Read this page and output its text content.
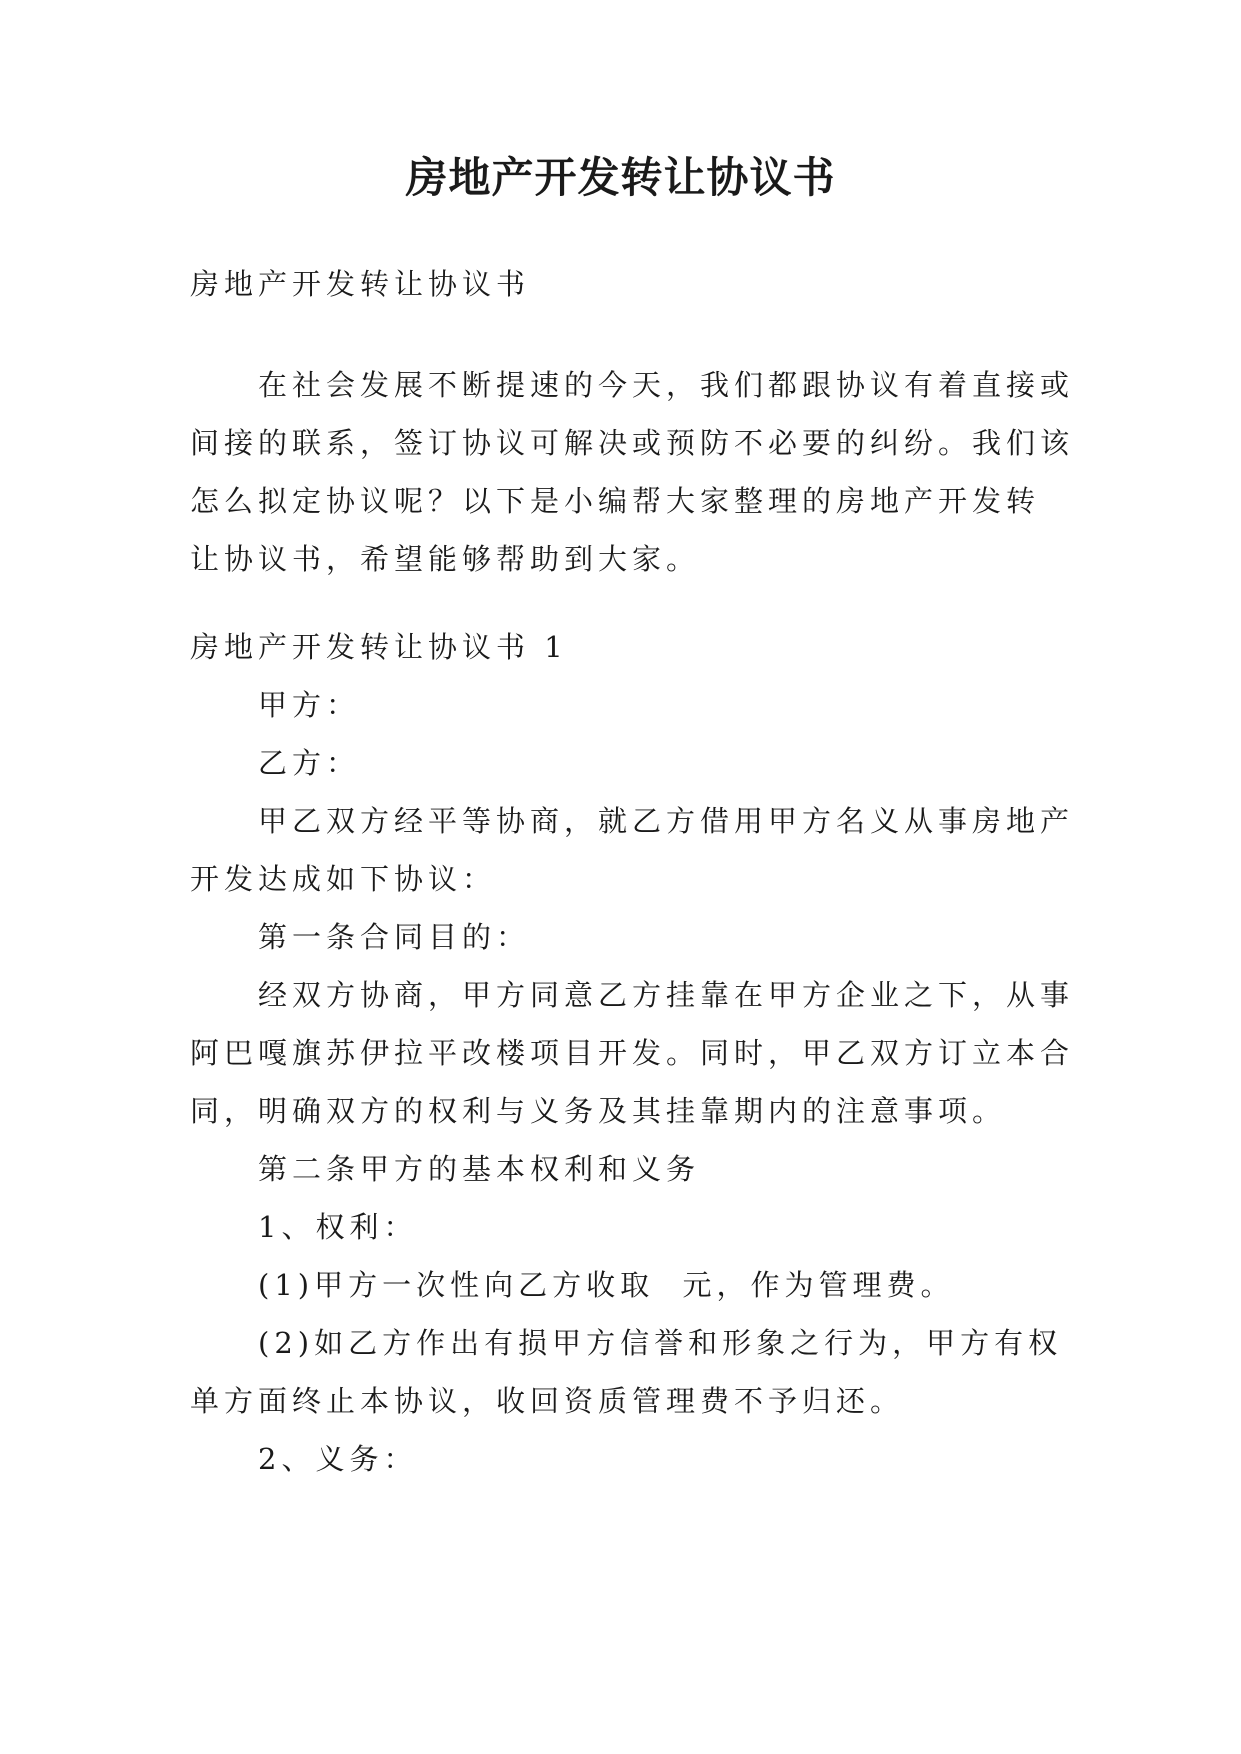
房地产开发转让协议书
房地产开发转让协议书
在社会发展不断提速的今天，我们都跟协议有着直接或
间接的联系，签订协议可解决或预防不必要的纠纷。我们该
怎么拟定协议呢？以下是小编帮大家整理的房地产开发转
让协议书，希望能够帮助到大家。
房地产开发转让协议书 1
甲方：
乙方：
甲乙双方经平等协商，就乙方借用甲方名义从事房地产
开发达成如下协议：
第一条合同目的：
经双方协商，甲方同意乙方挂靠在甲方企业之下，从事
阿巴嘎旗苏伊拉平改楼项目开发。同时，甲乙双方订立本合
同，明确双方的权利与义务及其挂靠期内的注意事项。
第二条甲方的基本权利和义务
1、权利：
(1)甲方一次性向乙方收取  元，作为管理费。
(2)如乙方作出有损甲方信誉和形象之行为，甲方有权
单方面终止本协议，收回资质管理费不予归还。
2、义务：
